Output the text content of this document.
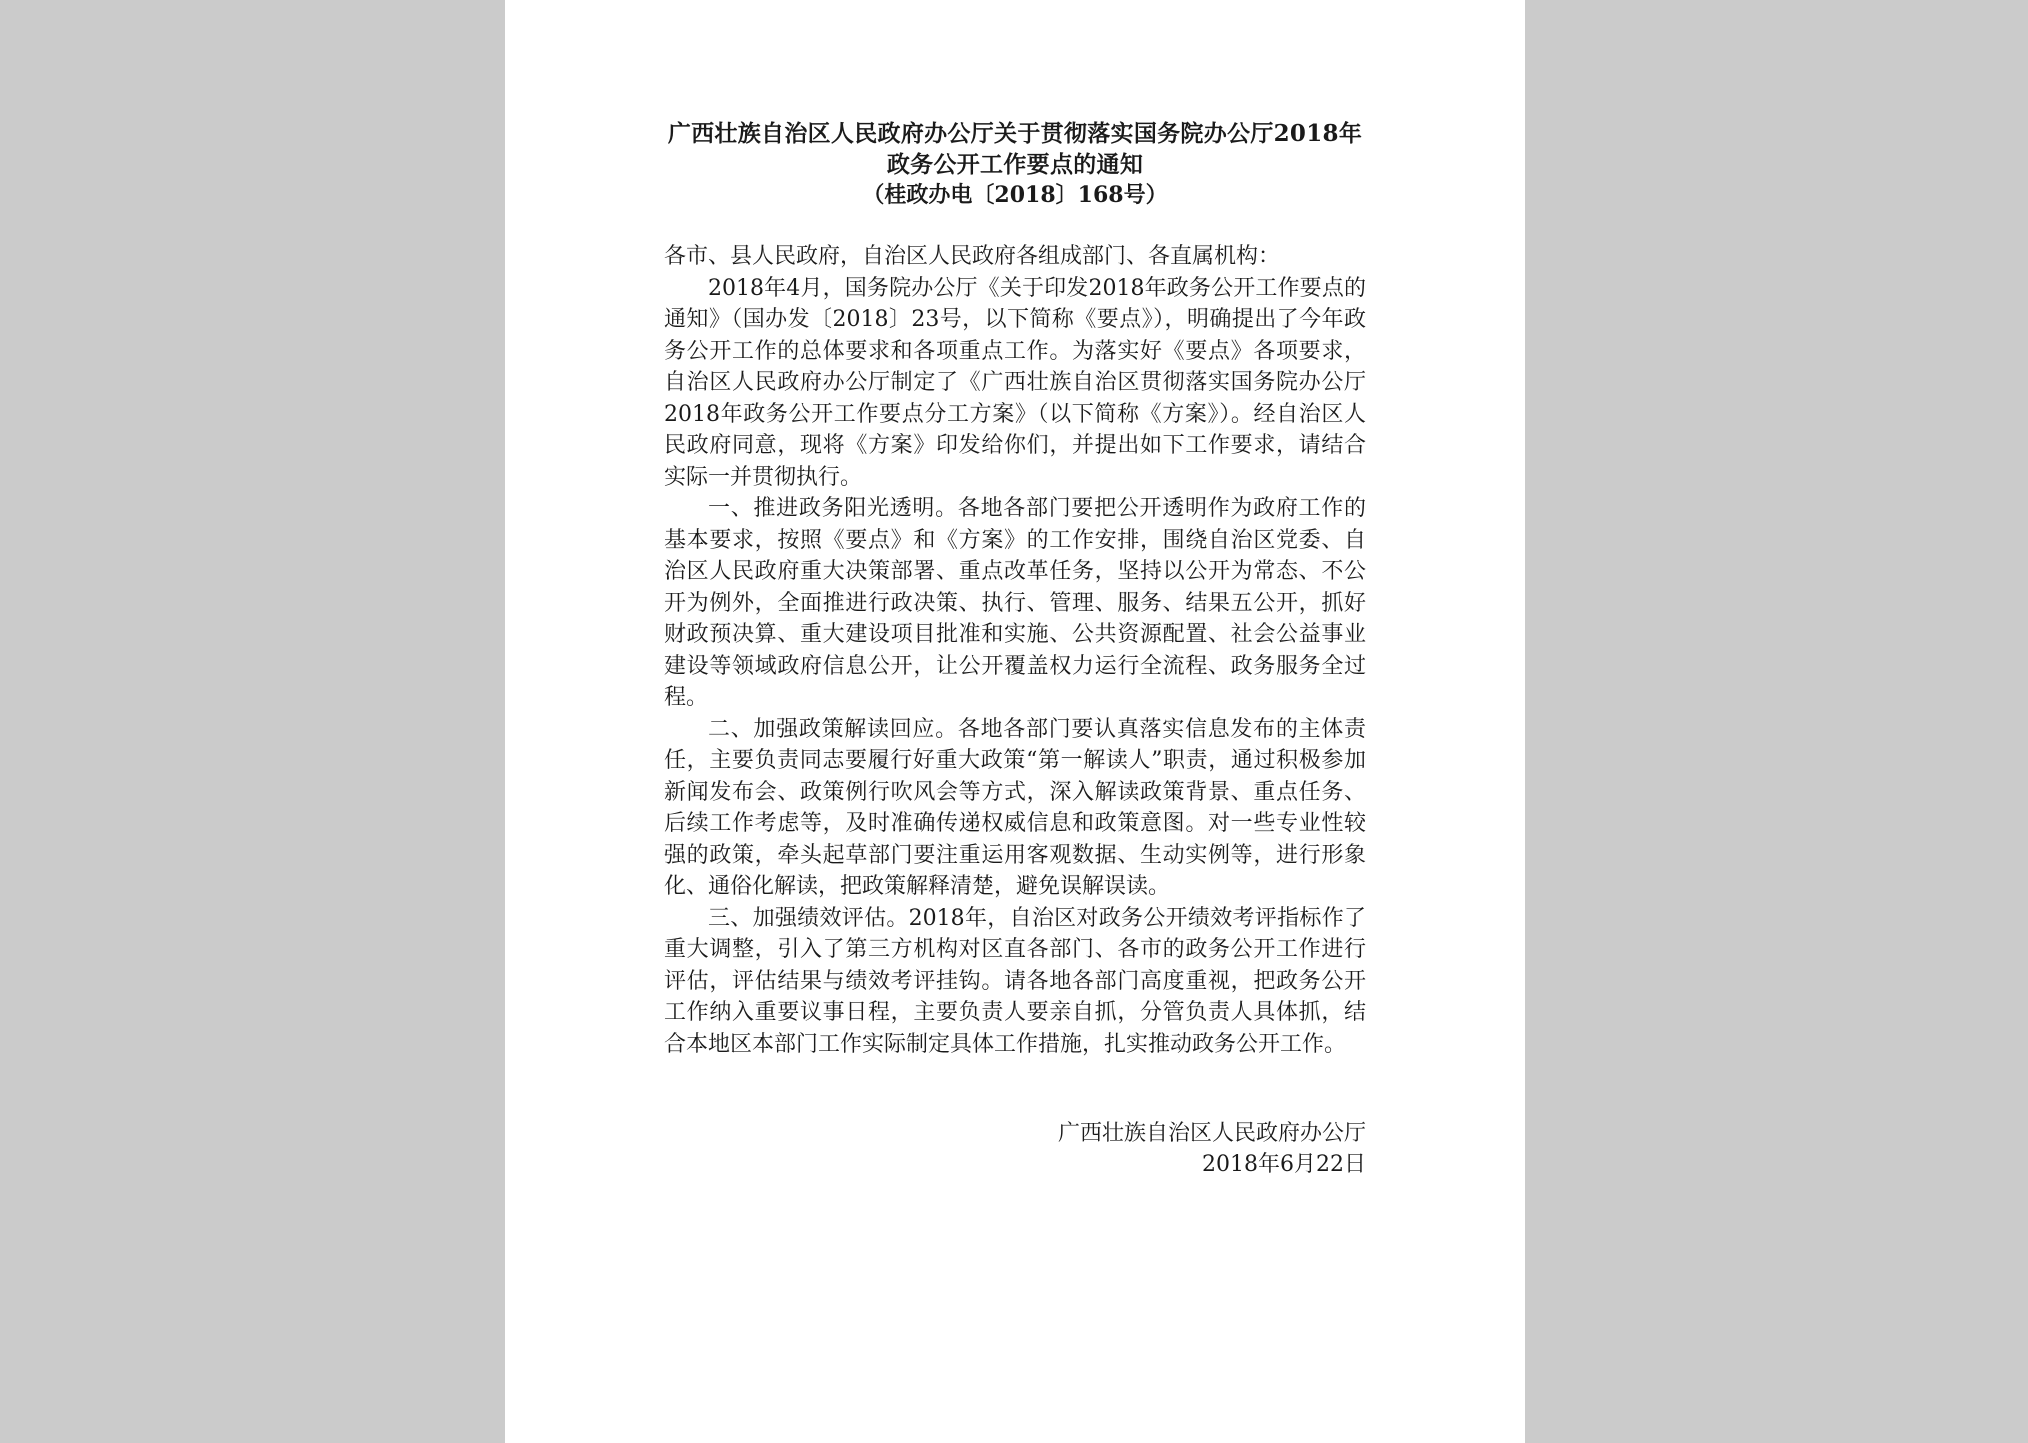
广西壮族自治区人民政府办公厅关于贯彻落实国务院办公厅2018年政务公开工作要点的通知

（桂政办电〔2018〕168号）

各市、县人民政府，自治区人民政府各组成部门、各直属机构：

2018年4月，国务院办公厅《关于印发2018年政务公开工作要点的通知》（国办发〔2018〕23号，以下简称《要点》），明确提出了今年政务公开工作的总体要求和各项重点工作。为落实好《要点》各项要求，自治区人民政府办公厅制定了《广西壮族自治区贯彻落实国务院办公厅2018年政务公开工作要点分工方案》（以下简称《方案》）。经自治区人民政府同意，现将《方案》印发给你们，并提出如下工作要求，请结合实际一并贯彻执行。

一、推进政务阳光透明。各地各部门要把公开透明作为政府工作的基本要求，按照《要点》和《方案》的工作安排，围绕自治区党委、自治区人民政府重大决策部署、重点改革任务，坚持以公开为常态、不公开为例外，全面推进行政决策、执行、管理、服务、结果五公开，抓好财政预决算、重大建设项目批准和实施、公共资源配置、社会公益事业建设等领域政府信息公开，让公开覆盖权力运行全流程、政务服务全过程。

二、加强政策解读回应。各地各部门要认真落实信息发布的主体责任，主要负责同志要履行好重大政策“第一解读人”职责，通过积极参加新闻发布会、政策例行吹风会等方式，深入解读政策背景、重点任务、后续工作考虑等，及时准确传递权威信息和政策意图。对一些专业性较强的政策，牵头起草部门要注重运用客观数据、生动实例等，进行形象化、通俗化解读，把政策解释清楚，避免误解误读。

三、加强绩效评估。2018年，自治区对政务公开绩效考评指标作了重大调整，引入了第三方机构对区直各部门、各市的政务公开工作进行评估，评估结果与绩效考评挂钩。请各地各部门高度重视，把政务公开工作纳入重要议事日程，主要负责人要亲自抓，分管负责人具体抓，结合本地区本部门工作实际制定具体工作措施，扎实推动政务公开工作。

广西壮族自治区人民政府办公厅
2018年6月22日
